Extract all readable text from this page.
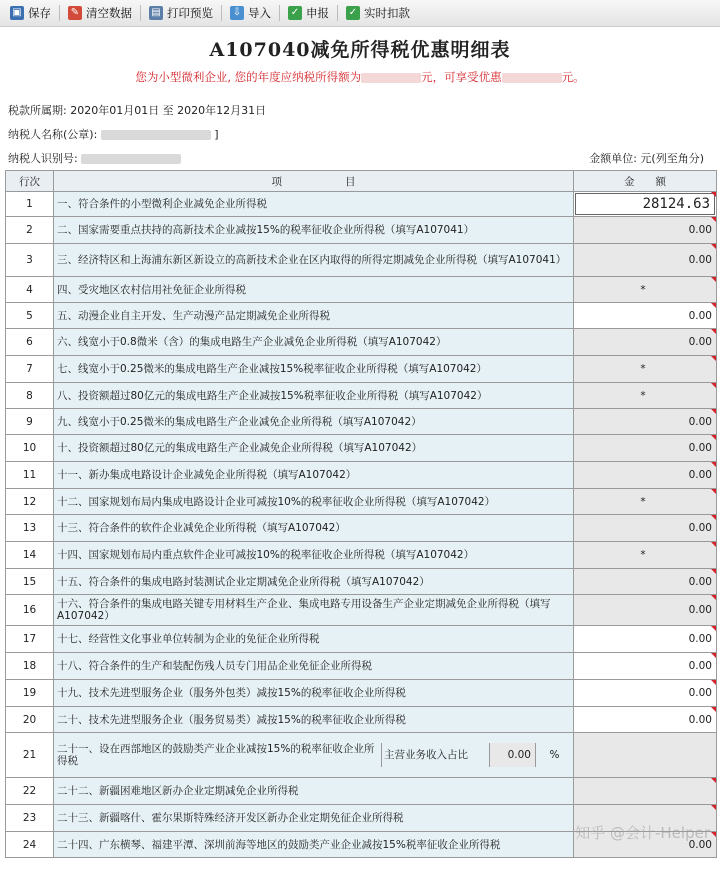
▣ 保存 ✎ 清空数据 ▤ 打印预览 ⇩ 导入 ✓ 申报 ✓ 实时扣款
A107040减免所得税优惠明细表
您为小型微利企业, 您的年度应纳税所得额为	元，可享受优惠	元。
税款所属期: 2020年01月01日 至 2020年12月31日
纳税人名称(公章):	]
纳税人识别号:	金额单位: 元(列至角分)
行次	项　　　　　　目	金　　额
1	一、符合条件的小型微利企业减免企业所得税	28124.63

2	二、国家需要重点扶持的高新技术企业减按15%的税率征收企业所得税（填写A107041）	0.00
3	三、经济特区和上海浦东新区新设立的高新技术企业在区内取得的所得定期减免企业所得税（填写A107041）	0.00
4	四、受灾地区农村信用社免征企业所得税	*
5	五、动漫企业自主开发、生产动漫产品定期减免企业所得税	0.00
6	六、线宽小于0.8微米（含）的集成电路生产企业减免企业所得税（填写A107042）	0.00
7	七、线宽小于0.25微米的集成电路生产企业减按15%税率征收企业所得税（填写A107042）	*
8	八、投资额超过80亿元的集成电路生产企业减按15%税率征收企业所得税（填写A107042）	*
9	九、线宽小于0.25微米的集成电路生产企业减免企业所得税（填写A107042）	0.00
10	十、投资额超过80亿元的集成电路生产企业减免企业所得税（填写A107042）	0.00
11	十一、新办集成电路设计企业减免企业所得税（填写A107042）	0.00
12	十二、国家规划布局内集成电路设计企业可减按10%的税率征收企业所得税（填写A107042）	*
13	十三、符合条件的软件企业减免企业所得税（填写A107042）	0.00
14	十四、国家规划布局内重点软件企业可减按10%的税率征收企业所得税（填写A107042）	*
15	十五、符合条件的集成电路封装测试企业定期减免企业所得税（填写A107042）	0.00
16	十六、符合条件的集成电路关键专用材料生产企业、集成电路专用设备生产企业定期减免企业所得税（填写A107042）	0.00
17	十七、经营性文化事业单位转制为企业的免征企业所得税	0.00
18	十八、符合条件的生产和装配伤残人员专门用品企业免征企业所得税	0.00
19	十九、技术先进型服务企业（服务外包类）减按15%的税率征收企业所得税	0.00
20	二十、技术先进型服务企业（服务贸易类）减按15%的税率征收企业所得税	0.00
21	二十一、设在西部地区的鼓励类产业企业减按15%的税率征收企业所得税 主营业务收入占比 0.00 %	

22	二十二、新疆困难地区新办企业定期减免企业所得税	
23	二十三、新疆喀什、霍尔果斯特殊经济开发区新办企业定期免征企业所得税	
24	二十四、广东横琴、福建平潭、深圳前海等地区的鼓励类产业企业减按15%税率征收企业所得税	0.00
知乎 @会计-Helper
